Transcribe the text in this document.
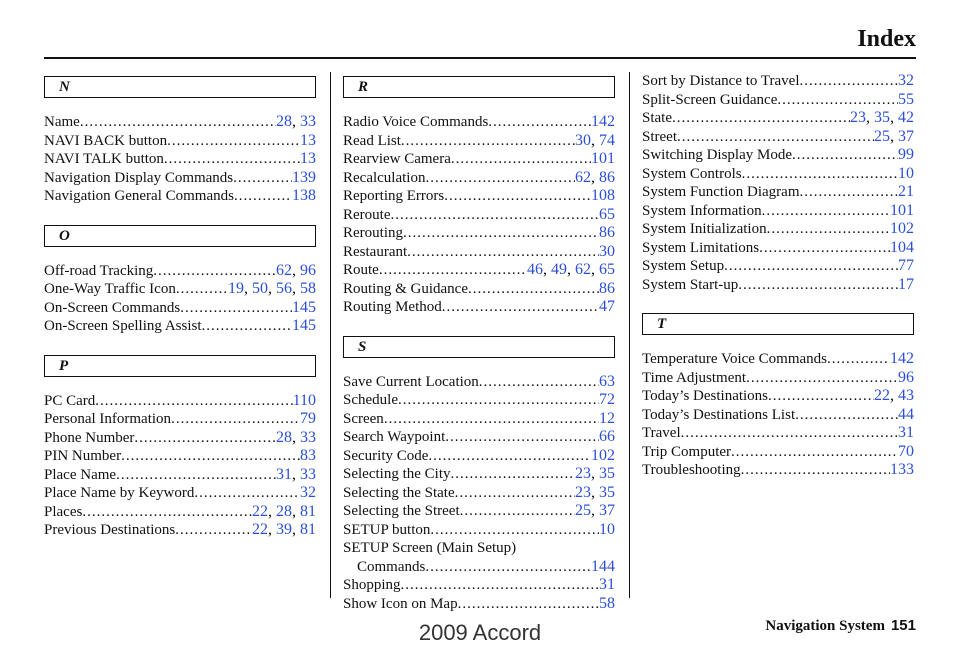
Index
N
Name .....	28, 33
NAVI BACK button .....	13
NAVI TALK button .....	13
Navigation Display Commands .....	139
Navigation General Commands .....	138
O
Off-road Tracking .....	62, 96
One-Way Traffic Icon .....	19, 50, 56, 58
On-Screen Commands .....	145
On-Screen Spelling Assist .....	145
P
PC Card .....	110
Personal Information .....	79
Phone Number .....	28, 33
PIN Number .....	83
Place Name .....	31, 33
Place Name by Keyword .....	32
Places .....	22, 28, 81
Previous Destinations .....	22, 39, 81
R
Radio Voice Commands .....	142
Read List .....	30, 74
Rearview Camera .....	101
Recalculation .....	62, 86
Reporting Errors .....	108
Reroute .....	65
Rerouting .....	86
Restaurant .....	30
Route .....	46, 49, 62, 65
Routing & Guidance .....	86
Routing Method .....	47
S
Save Current Location .....	63
Schedule .....	72
Screen .....	12
Search Waypoint .....	66
Security Code .....	102
Selecting the City .....	23, 35
Selecting the State .....	23, 35
Selecting the Street .....	25, 37
SETUP button .....	10
SETUP Screen (Main Setup)
Commands .....	144
Shopping .....	31
Show Icon on Map .....	58
Sort by Distance to Travel .....	32
Split-Screen Guidance .....	55
State .....	23, 35, 42
Street .....	25, 37
Switching Display Mode .....	99
System Controls .....	10
System Function Diagram .....	21
System Information .....	101
System Initialization .....	102
System Limitations .....	104
System Setup .....	77
System Start-up .....	17
T
Temperature Voice Commands .....	142
Time Adjustment .....	96
Today’s Destinations .....	22, 43
Today’s Destinations List .....	44
Travel .....	31
Trip Computer .....	70
Troubleshooting .....	133
Navigation System 151
2009 Accord
